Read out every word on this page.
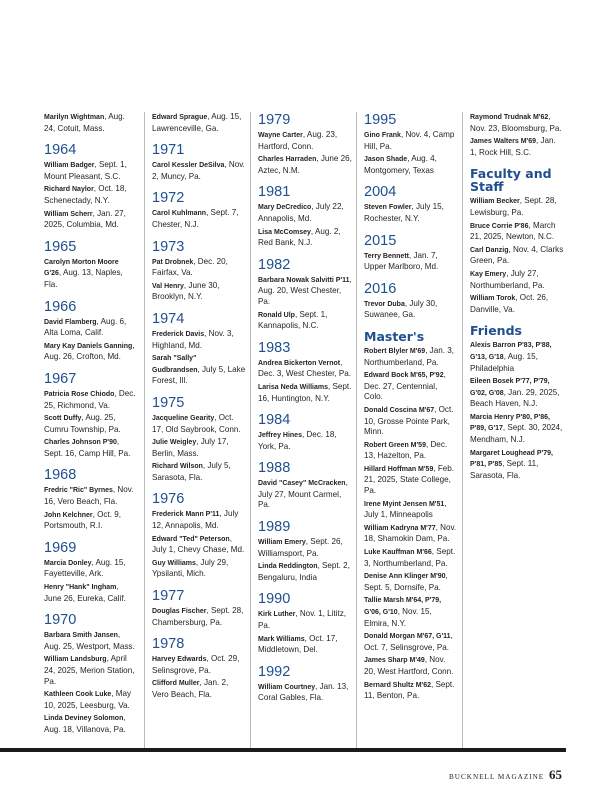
Marilyn Wightman, Aug. 24, Cotuit, Mass.

1964

William Badger, Sept. 1, Mount Pleasant, S.C.

Richard Naylor, Oct. 18, Schenectady, N.Y.

William Scherr, Jan. 27, 2025, Columbia, Md.

1965

Carolyn Morton Moore G'26, Aug. 13, Naples, Fla.

1966

David Flamberg, Aug. 6, Alta Loma, Calif.

Mary Kay Daniels Ganning, Aug. 26, Crofton, Md.

1967

Patricia Rose Chiodo, Dec. 25, Richmond, Va.

Scott Duffy, Aug. 25, Cumru Township, Pa.

Charles Johnson P'90, Sept. 16, Camp Hill, Pa.

1968

Fredric "Ric" Byrnes, Nov. 16, Vero Beach, Fla.

John Kelchner, Oct. 9, Portsmouth, R.I.

1969

Marcia Donley, Aug. 15, Fayetteville, Ark.

Henry "Hank" Ingham, June 26, Eureka, Calif.

1970

Barbara Smith Jansen, Aug. 25, Westport, Mass.

William Landsburg, April 24, 2025, Merion Station, Pa.

Kathleen Cook Luke, May 10, 2025, Leesburg, Va.

Linda Deviney Solomon, Aug. 18, Villanova, Pa.

Edward Sprague, Aug. 15, Lawrenceville, Ga.

1971

Carol Kessler DeSilva, Nov. 2, Muncy, Pa.

1972

Carol Kuhlmann, Sept. 7, Chester, N.J.

1973

Pat Drobnek, Dec. 20, Fairfax, Va.

Val Henry, June 30, Brooklyn, N.Y.

1974

Frederick Davis, Nov. 3, Highland, Md.

Sarah "Sally" Gudbrandsen, July 5, Lake Forest, Ill.

1975

Jacqueline Gearity, Oct. 17, Old Saybrook, Conn.

Julie Weigley, July 17, Berlin, Mass.

Richard Wilson, July 5, Sarasota, Fla.

1976

Frederick Mann P'11, July 12, Annapolis, Md.

Edward "Ted" Peterson, July 1, Chevy Chase, Md.

Guy Williams, July 29, Ypsilanti, Mich.

1977

Douglas Fischer, Sept. 28, Chambersburg, Pa.

1978

Harvey Edwards, Oct. 29, Selinsgrove, Pa.

Clifford Muller, Jan. 2, Vero Beach, Fla.

1979

Wayne Carter, Aug. 23, Hartford, Conn.

Charles Harraden, June 26, Aztec, N.M.

1981

Mary DeCredico, July 22, Annapolis, Md.

Lisa McComsey, Aug. 2, Red Bank, N.J.

1982

Barbara Nowak Salvitti P'11, Aug. 20, West Chester, Pa.

Ronald Ulp, Sept. 1, Kannapolis, N.C.

1983

Andrea Bickerton Vernot, Dec. 3, West Chester, Pa.

Larisa Neda Williams, Sept. 16, Huntington, N.Y.

1984

Jeffrey Hines, Dec. 18, York, Pa.

1988

David "Casey" McCracken, July 27, Mount Carmel, Pa.

1989

William Emery, Sept. 26, Williamsport, Pa.

Linda Reddington, Sept. 2, Bengaluru, India

1990

Kirk Luther, Nov. 1, Lititz, Pa.

Mark Williams, Oct. 17, Middletown, Del.

1992

William Courtney, Jan. 13, Coral Gables, Fla.

1995

Gino Frank, Nov. 4, Camp Hill, Pa.

Jason Shade, Aug. 4, Montgomery, Texas

2004

Steven Fowler, July 15, Rochester, N.Y.

2015

Terry Bennett, Jan. 7, Upper Marlboro, Md.

2016

Trevor Duba, July 30, Suwanee, Ga.

Master's

Robert Blyler M'69, Jan. 3, Northumberland, Pa.

Edward Bock M'65, P'92, Dec. 27, Centennial, Colo.

Donald Coscina M'67, Oct. 10, Grosse Pointe Park, Minn.

Robert Green M'59, Dec. 13, Hazelton, Pa.

Hillard Hoffman M'59, Feb. 21, 2025, State College, Pa.

Irene Myint Jensen M'51, July 1, Minneapolis

William Kadryna M'77, Nov. 18, Shamokin Dam, Pa.

Luke Kauffman M'66, Sept. 3, Northumberland, Pa.

Denise Ann Klinger M'90, Sept. 5, Dornsife, Pa.

Tallie Marsh M'64, P'79, G'06, G'10, Nov. 15, Elmira, N.Y.

Donald Morgan M'67, G'11, Oct. 7, Selinsgrove, Pa.

James Sharp M'49, Nov. 20, West Hartford, Conn.

Bernard Shultz M'62, Sept. 11, Benton, Pa.

Raymond Trudnak M'62, Nov. 23, Bloomsburg, Pa.

James Walters M'69, Jan. 1, Rock Hill, S.C.

Faculty and Staff

William Becker, Sept. 28, Lewisburg, Pa.

Bruce Corrie P'86, March 21, 2025, Newton, N.C.

Carl Danzig, Nov. 4, Clarks Green, Pa.

Kay Emery, July 27, Northumberland, Pa.

William Torok, Oct. 26, Danville, Va.

Friends

Alexis Barron P'83, P'88, G'13, G'18, Aug. 15, Philadelphia

Eileen Bosek P'77, P'79, G'02, G'08, Jan. 29, 2025, Beach Haven, N.J.

Marcia Henry P'80, P'86, P'89, G'17, Sept. 30, 2024, Mendham, N.J.

Margaret Loughead P'79, P'81, P'85, Sept. 11, Sarasota, Fla.

BUCKNELL MAGAZINE 65
